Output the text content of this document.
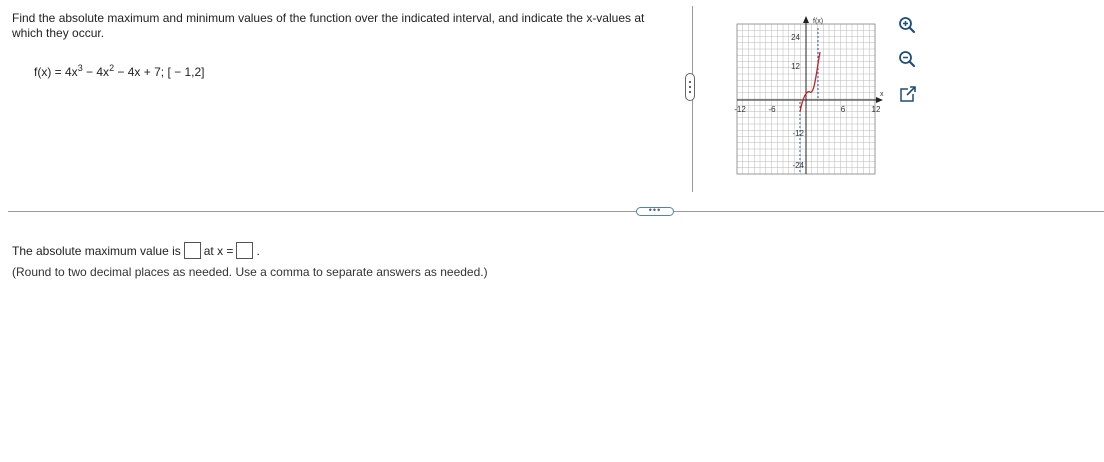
Find the absolute maximum and minimum values of the function over the indicated interval, and indicate the x-values at which they occur.
$f(x) = 4x^3 - 4x^2 - 4x + 7$; [ − 1,2]
f(x)
x
24
12
-12
-24
-12	-6	6	12
•••
The absolute maximum value is at x = .
(Round to two decimal places as needed. Use a comma to separate answers as needed.)
